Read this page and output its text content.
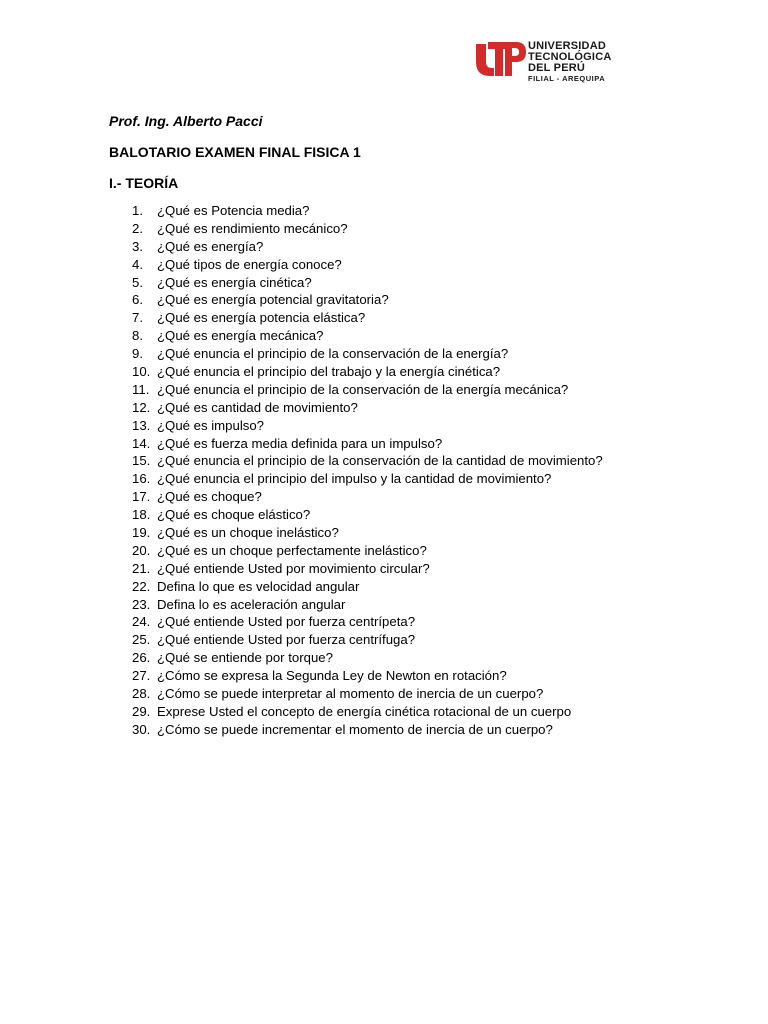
UNIVERSIDAD
TECNOLÓGICA
DEL PERÚ
FILIAL - AREQUIPA

Prof. Ing. Alberto Pacci

BALOTARIO EXAMEN FINAL FISICA 1

I.- TEORÍA

1. ¿Qué es Potencia media?
2. ¿Qué es rendimiento mecánico?
3. ¿Qué es energía?
4. ¿Qué tipos de energía conoce?
5. ¿Qué es energía cinética?
6. ¿Qué es energía potencial gravitatoria?
7. ¿Qué es energía potencia elástica?
8. ¿Qué es energía mecánica?
9. ¿Qué enuncia el principio de la conservación de la energía?
10. ¿Qué enuncia el principio del trabajo y la energía cinética?
11. ¿Qué enuncia el principio de la conservación de la energía mecánica?
12. ¿Qué es cantidad de movimiento?
13. ¿Qué es impulso?
14. ¿Qué es fuerza media definida para un impulso?
15. ¿Qué enuncia el principio de la conservación de la cantidad de movimiento?
16. ¿Qué enuncia el principio del impulso y la cantidad de movimiento?
17. ¿Qué es choque?
18. ¿Qué es choque elástico?
19. ¿Qué es un choque inelástico?
20. ¿Qué es un choque perfectamente inelástico?
21. ¿Qué entiende Usted por movimiento circular?
22. Defina lo que es velocidad angular
23. Defina lo es aceleración angular
24. ¿Qué entiende Usted por fuerza centrípeta?
25. ¿Qué entiende Usted por fuerza centrífuga?
26. ¿Qué se entiende por torque?
27. ¿Cómo se expresa la Segunda Ley de Newton en rotación?
28. ¿Cómo se puede interpretar al momento de inercia de un cuerpo?
29. Exprese Usted el concepto de energía cinética rotacional de un cuerpo
30. ¿Cómo se puede incrementar el momento de inercia de un cuerpo?
